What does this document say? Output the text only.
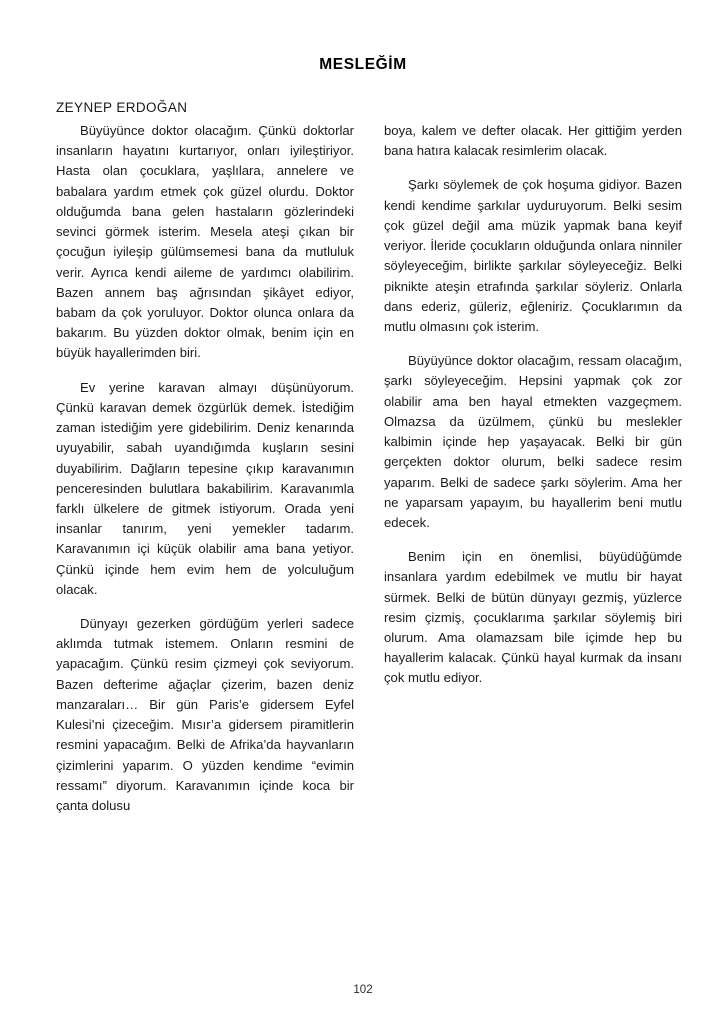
MESLEĞİM
ZEYNEP ERDOĞAN

Büyüyünce doktor olacağım. Çünkü doktorlar insanların hayatını kurtarıyor, onları iyileştiriyor. Hasta olan çocuklara, yaşlılara, annelere ve babalara yardım etmek çok güzel olurdu. Doktor olduğumda bana gelen hastaların gözlerindeki sevinci görmek isterim. Mesela ateşi çıkan bir çocuğun iyileşip gülümsemesi bana da mutluluk verir. Ayrıca kendi aileme de yardımcı olabilirim. Bazen annem baş ağrısından şikâyet ediyor, babam da çok yoruluyor. Doktor olunca onlara da bakarım. Bu yüzden doktor olmak, benim için en büyük hayallerimden biri.

Ev yerine karavan almayı düşünüyorum. Çünkü karavan demek özgürlük demek. İstediğim zaman istediğim yere gidebilirim. Deniz kenarında uyuyabilir, sabah uyandığımda kuşların sesini duyabilirim. Dağların tepesine çıkıp karavanımın penceresinden bulutlara bakabilirim. Karavanımla farklı ülkelere de gitmek istiyorum. Orada yeni insanlar tanırım, yeni yemekler tadarım. Karavanımın içi küçük olabilir ama bana yetiyor. Çünkü içinde hem evim hem de yolculuğum olacak.

Dünyayı gezerken gördüğüm yerleri sadece aklımda tutmak istemem. Onların resmini de yapacağım. Çünkü resim çizmeyi çok seviyorum. Bazen defterime ağaçlar çizerim, bazen deniz manzaraları… Bir gün Paris’e gidersem Eyfel Kulesi’ni çizeceğim. Mısır’a gidersem piramitlerin resmini yapacağım. Belki de Afrika’da hayvanların çizimlerini yaparım. O yüzden kendime “evimin ressamı” diyorum. Karavanımın içinde koca bir çanta dolusu

boya, kalem ve defter olacak. Her gittiğim yerden bana hatıra kalacak resimlerim olacak.

Şarkı söylemek de çok hoşuma gidiyor. Bazen kendi kendime şarkılar uyduruyorum. Belki sesim çok güzel değil ama müzik yapmak bana keyif veriyor. İleride çocukların olduğunda onlara ninniler söyleyeceğim, birlikte şarkılar söyleyeceğiz. Belki piknikte ateşin etrafında şarkılar söyleriz. Onlarla dans ederiz, güleriz, eğleniriz. Çocuklarımın da mutlu olmasını çok isterim.

Büyüyünce doktor olacağım, ressam olacağım, şarkı söyleyeceğim. Hepsini yapmak çok zor olabilir ama ben hayal etmekten vazgeçmem. Olmazsa da üzülmem, çünkü bu meslekler kalbimin içinde hep yaşayacak. Belki bir gün gerçekten doktor olurum, belki sadece resim yaparım. Belki de sadece şarkı söylerim. Ama her ne yaparsam yapayım, bu hayallerim beni mutlu edecek.

Benim için en önemlisi, büyüdüğümde insanlara yardım edebilmek ve mutlu bir hayat sürmek. Belki de bütün dünyayı gezmiş, yüzlerce resim çizmiş, çocuklarıma şarkılar söylemiş biri olurum. Ama olamazsam bile içimde hep bu hayallerim kalacak. Çünkü hayal kurmak da insanı çok mutlu ediyor.

102
